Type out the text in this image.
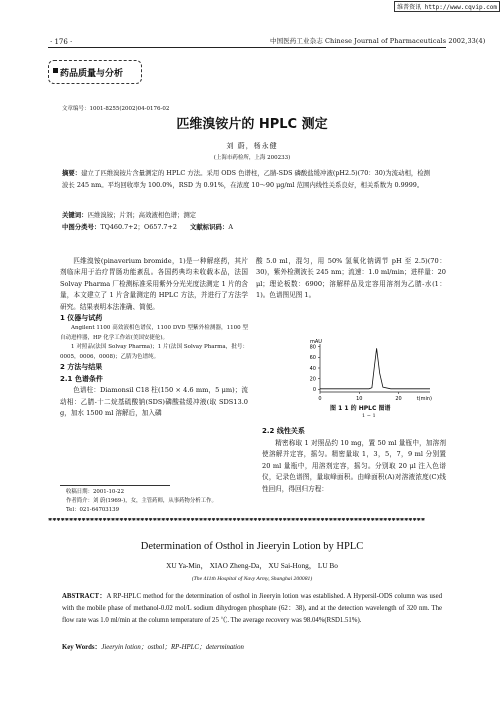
维普资讯 http://www.cqvip.com
· 176 ·	中国医药工业杂志 Chinese Journal of Pharmaceuticals 2002,33(4)
药品质量与分析
文章编号：1001-8255(2002)04-0176-02
匹维溴铵片的 HPLC 测定
刘 蔚，杨永健
(上海市药检所，上海 200233)
摘要：建立了匹维溴铵片含量测定的 HPLC 方法。采用 ODS 色谱柱，乙腈-SDS 磷酸盐缓冲液(pH2.5)(70：30)为流动相，检测波长 245 nm。平均回收率为 100.0%，RSD 为 0.91%，在浓度 10～90 μg/ml 范围内线性关系良好，相关系数为 0.9999。
关键词：匹维溴铵；片剂；高效液相色谱；测定
中图分类号：TQ460.7+2；O657.7+2 文献标识码：A
匹维溴铵(pinaverium bromide，1)是一种解痉药，其片剂临床用于治疗胃肠功能紊乱。各国药典均未收载本品，法国 Solvay Pharma 厂检测标准采用紫外分光光度法测定 1 片的含量，本文建立了 1 片含量测定的 HPLC 方法，并进行了方法学研究。结果表明本法准确、简便。
1 仪器与试药
Angilent 1100 高效液相色谱仪，1100 DVD 型紫外检测器，1100 型自动进样器，HP 化学工作站(美国安捷伦)。
1 对照品(法国 Solvay Pharma)；1 片(法国 Solvay Pharma，批号：0005，0006，0008)；乙腈为色谱纯。
2 方法与结果
2.1 色谱条件
色谱柱：Diamonsil C18 柱(150 × 4.6 mm，5 μm)；流动相：乙腈-十二烷基硫酸钠(SDS)磷酸盐缓冲液(取 SDS13.0 g，加水 1500 ml 溶解后，加入磷
酸 5.0 ml，混匀，用 50% 氢氧化钠调节 pH 至 2.5)(70：30)，紫外检测波长 245 nm；流速：1.0 ml/min；进样量：20 μl；理论板数：6900；溶解样品及定容用溶剂为乙腈-水(1：1)。色谱图见图 1。
0
20
40
60
80
0	10	20
mAU
t(min)
图 1 1 的 HPLC 图谱
1 − 1
2.2 线性关系
精密称取 1 对照品约 10 mg，置 50 ml 量瓶中，加溶剂使溶解并定容，摇匀。精密量取 1，3，5，7，9 ml 分别置 20 ml 量瓶中，用溶剂定容，摇匀。分别取 20 μl 注入色谱仪，记录色谱图，量取峰面积。由峰面积(A)对溶液浓度(C)线性回归，得回归方程：
收稿日期：2001-10-22
作者简介：刘 蔚(1969-)，女，主管药师，从事药物分析工作。
Tel：021-64703139
✱✱✱✱✱✱✱✱✱✱✱✱✱✱✱✱✱✱✱✱✱✱✱✱✱✱✱✱✱✱✱✱✱✱✱✱✱✱✱✱✱✱✱✱✱✱✱✱✱✱✱✱✱✱✱✱✱✱✱✱✱✱✱✱✱✱✱✱✱✱✱✱✱✱✱✱✱✱✱✱✱✱✱✱✱✱✱✱✱✱
Determination of Osthol in Jieeryin Lotion by HPLC
XU Ya-Min， XIAO Zheng-Da， XU Sai-Hong， LU Bo
(The 411th Hospital of Navy Army, Shanghai 200081)
ABSTRACT：A RP-HPLC method for the determination of osthol in Jieeryin lotion was established. A Hypersil-ODS column was used with the mobile phase of methanol-0.02 mol/L sodium dihydrogen phosphate (62：38), and at the detection wavelength of 320 nm. The flow rate was 1.0 ml/min at the column temperature of 25 ℃. The average recovery was 98.04%(RSD1.51%).
Key Words：Jieeryin lotion；osthol；RP-HPLC；determination
